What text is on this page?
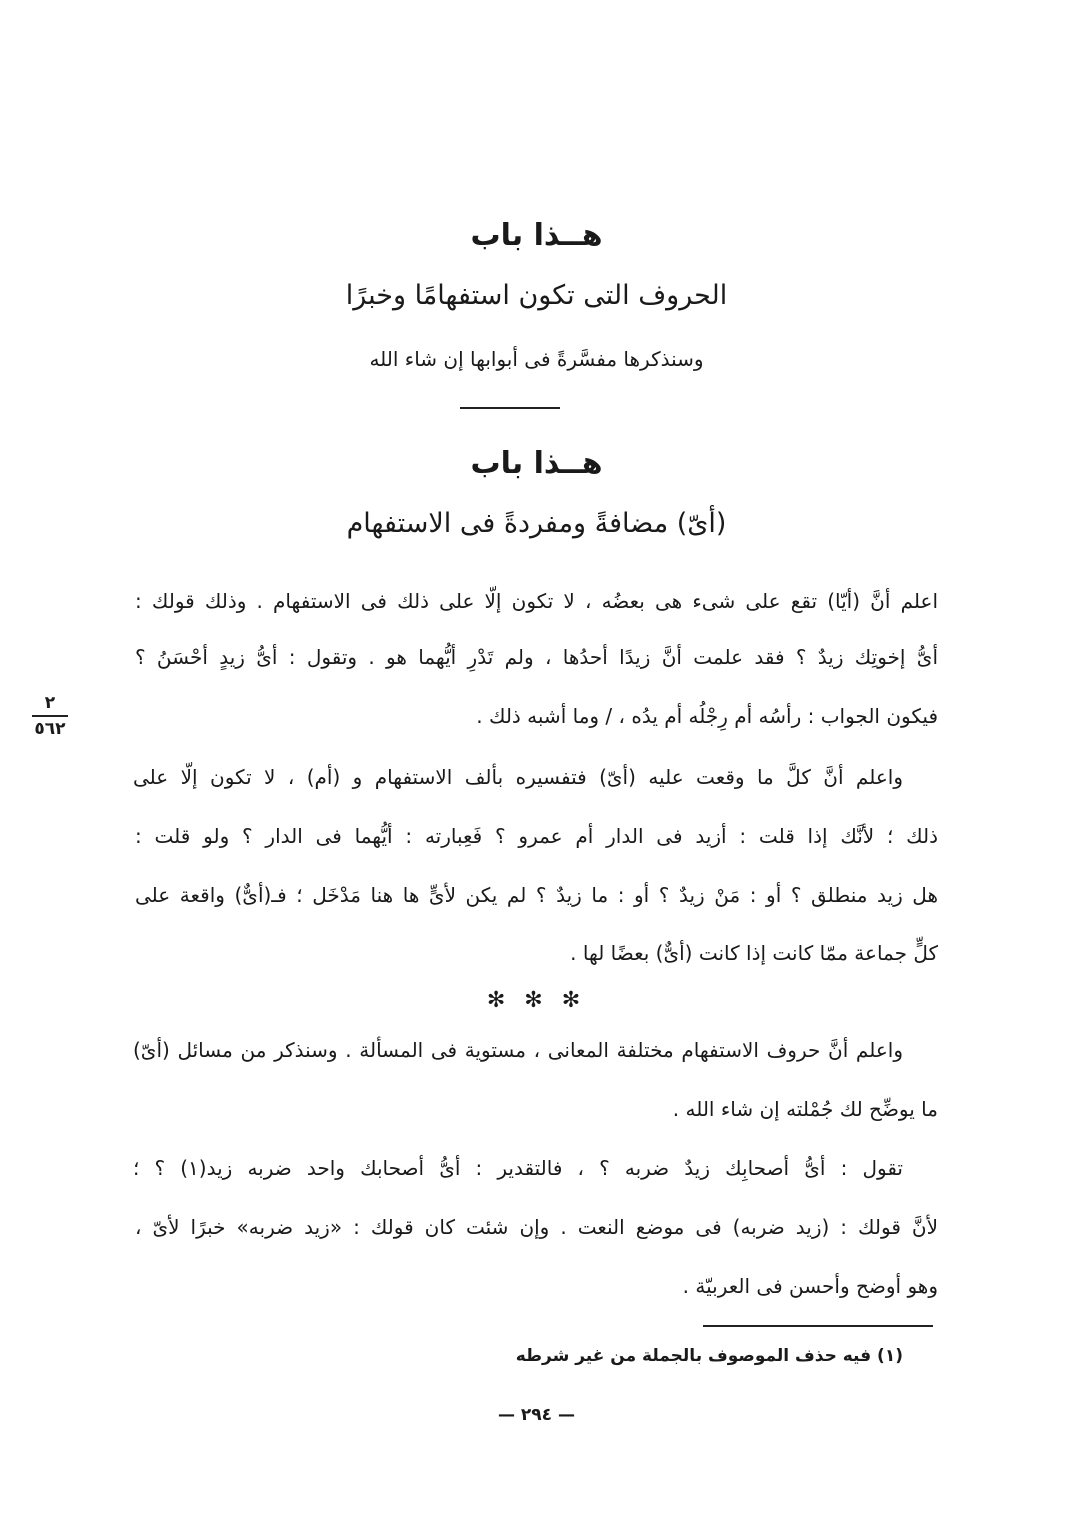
هــذا باب
الحروف التى تكون استفهامًا وخبرًا
وسنذكرها مفسَّرةً فى أبوابها إن شاء الله
هــذا باب
(أىّ) مضافةً ومفردةً فى الاستفهام
اعلم أنَّ (أيّا) تقع على شىء هى بعضُه ، لا تكون إلّا على ذلك فى الاستفهام . وذلك قولك :
أىُّ إخوتِك زيدٌ ؟ فقد علمت أنَّ زيدًا أحدُها ، ولم تَدْرِ أيُّهما هو . وتقول : أىُّ زيدٍ أحْسَنُ ؟
فيكون الجواب : رأسُه أم رِجْلُه أم يدُه ، / وما أشبه ذلك .
٢
٥٦٢
واعلم أنَّ كلَّ ما وقعت عليه (أىّ) فتفسيره بألف الاستفهام و (أم) ، لا تكون إلّا على
ذلك ؛ لأنَّك إذا قلت : أزيد فى الدار أم عمرو ؟ فَعِبارته : أيُّهما فى الدار ؟ ولو قلت :
هل زيد منطلق ؟ أو : مَنْ زيدٌ ؟ أو : ما زيدٌ ؟ لم يكن لأىٍّ ها هنا مَدْخَل ؛ فـ(أىٌّ) واقعة على
كلٍّ جماعة ممّا كانت إذا كانت (أىٌّ) بعضًا لها .
✻ ✻ ✻
واعلم أنَّ حروف الاستفهام مختلفة المعانى ، مستوية فى المسألة . وسنذكر من مسائل (أىّ)
ما يوضِّح لك جُمْلته إن شاء الله .
تقول : أىُّ أصحابِك زيدٌ ضربه ؟ ، فالتقدير : أىُّ أصحابك واحد ضربه زيد(١) ؟ ؛
لأنَّ قولك : (زيد ضربه) فى موضع النعت . وإن شئت كان قولك : «زيد ضربه» خبرًا لأىّ ،
وهو أوضح وأحسن فى العربيّة .
(١) فيه حذف الموصوف بالجملة من غير شرطه
— ٢٩٤ —
